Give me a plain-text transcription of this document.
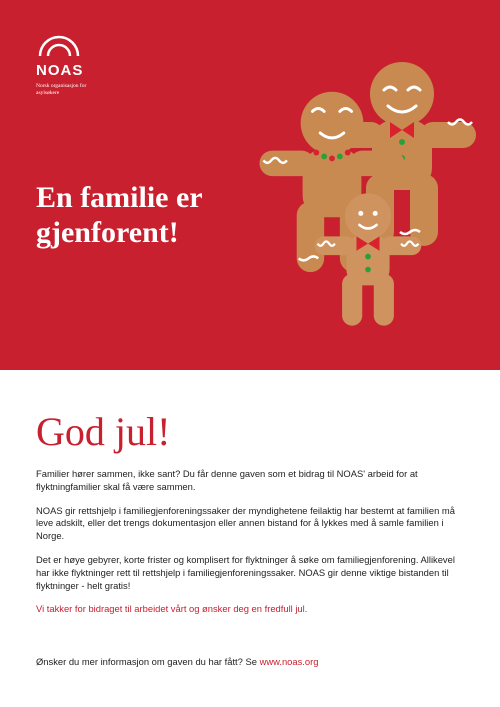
NOAS
Norsk organisasjon for asylsøkere
En familie er gjenforent!
God jul!

Familier hører sammen, ikke sant? Du får denne gaven som et bidrag til NOAS' arbeid for at flyktningfamilier skal få være sammen.

NOAS gir rettshjelp i familiegjenforeningssaker der myndighetene feilaktig har bestemt at familien må leve adskilt, eller det trengs dokumentasjon eller annen bistand for å lykkes med å samle familien i Norge.

Det er høye gebyrer, korte frister og komplisert for flyktninger å søke om familiegjenforening. Allikevel har ikke flyktninger rett til rettshjelp i familiegjenforeningssaker. NOAS gir denne viktige bistanden til flyktninger - helt gratis!

Vi takker for bidraget til arbeidet vårt og ønsker deg en fredfull jul.

Ønsker du mer informasjon om gaven du har fått? Se www.noas.org
